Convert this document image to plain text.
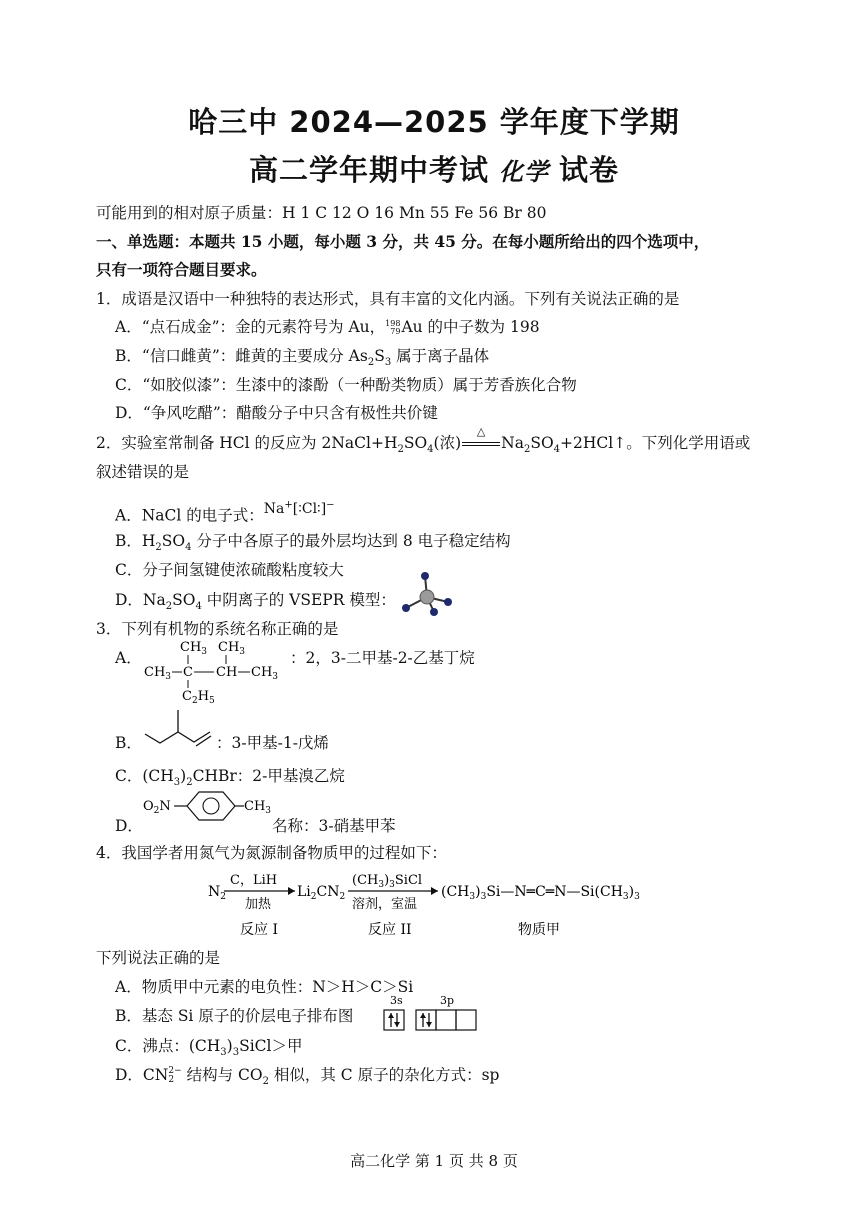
哈三中 2024—2025 学年度下学期
高二学年期中考试 化学 试卷
可能用到的相对原子质量：H 1 C 12 O 16 Mn 55 Fe 56 Br 80
一、单选题：本题共 15 小题，每小题 3 分，共 45 分。在每小题所给出的四个选项中，
只有一项符合题目要求。
1．成语是汉语中一种独特的表达形式，具有丰富的文化内涵。下列有关说法正确的是
A．“点石成金”：金的元素符号为 Au，198
79Au 的中子数为 198
B．“信口雌黄”：雌黄的主要成分 $As_2S_3$ 属于离子晶体
C．“如胶似漆”：生漆中的漆酚（一种酚类物质）属于芳香族化合物
D．“争风吃醋”：醋酸分子中只含有极性共价键
2．实验室常制备 HCl 的反应为 $2NaCl+H_2SO_4$(浓)
△
$Na_2SO_4+2HCl↑$。下列化学用语或
叙述错误的是
A．NaCl 的电子式：Na+[∶Cl∶]−
B．$H_2SO_4$ 分子中各原子的最外层均达到 8 电子稳定结构
C．分子间氢键使浓硫酸粘度较大
D．$Na_2SO_4$ 中阴离子的 VSEPR 模型：
3．下列有机物的系统名称正确的是
A．
$CH_3$ $CH_3$
$CH_3$ C CH $CH_3$
$C_2H_5$
：2，3-二甲基-2-乙基丁烷
B．	：3-甲基-1-戊烯
C．$(CH_3)_2CHBr$：2-甲基溴乙烷
D．
$O_2N$	$CH_3$
名称：3-硝基甲苯
4．我国学者用氮气为氮源制备物质甲的过程如下：
$N_2$
C，LiH
加热
$Li_2CN_2$
$(CH_3)_3SiCl$
溶剂，室温
$(CH_3)_3Si—N═C═N—Si(CH_3)_3$
反应 I	反应 II	物质甲
下列说法正确的是
A．物质甲中元素的电负性：N＞H＞C＞Si
B．基态 Si 原子的价层电子排布图
3s	3p
C．沸点：$(CH_3)_3SiCl>$甲
D．CN2−
2 结构与 $CO_2$ 相似，其 C 原子的杂化方式：sp
高二化学 第 1 页 共 8 页
